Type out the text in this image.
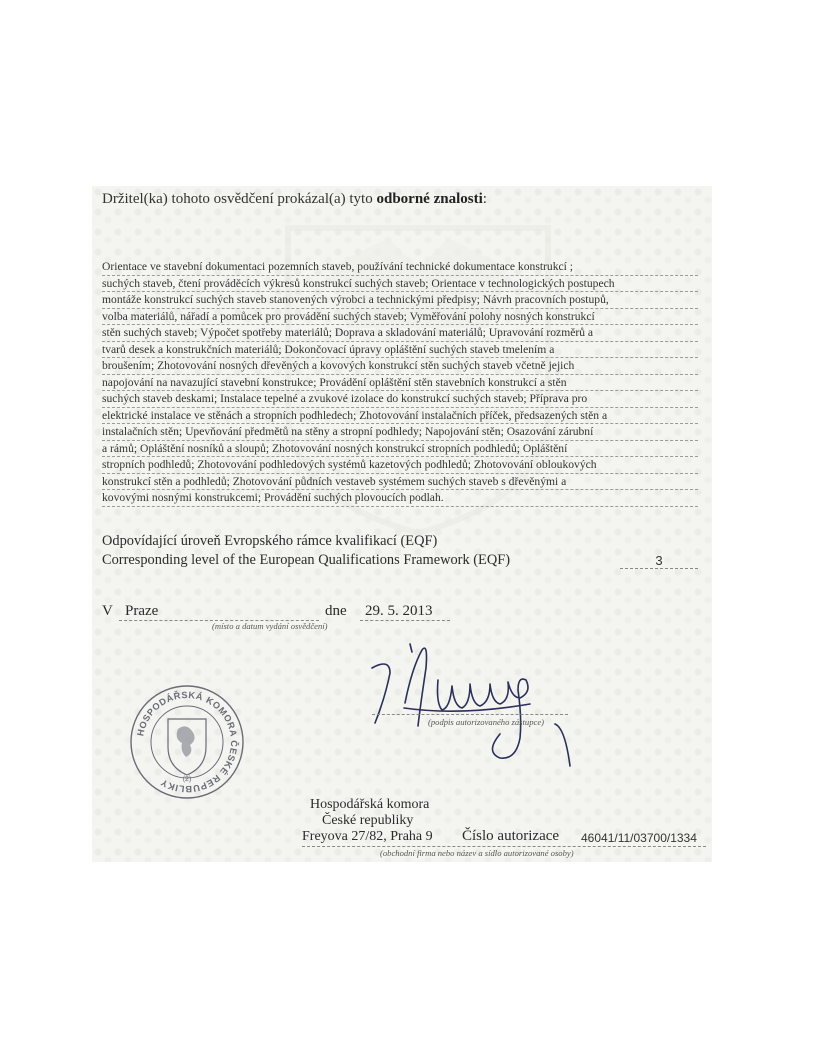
Držitel(ka) tohoto osvědčení prokázal(a) tyto odborné znalosti:
Orientace ve stavební dokumentaci pozemních staveb, používání technické dokumentace konstrukcí ;
suchých staveb, čtení prováděcích výkresů konstrukcí suchých staveb; Orientace v technologických postupech
montáže konstrukcí suchých staveb stanovených výrobci a technickými předpisy; Návrh pracovních postupů,
volba materiálů, nářadí a pomůcek pro provádění suchých staveb; Vyměřování polohy nosných konstrukcí
stěn suchých staveb; Výpočet spotřeby materiálů; Doprava a skladování materiálů; Upravování rozměrů a
tvarů desek a konstrukčních materiálů; Dokončovací úpravy opláštění suchých staveb tmelením a
broušením; Zhotovování nosných dřevěných a kovových konstrukcí stěn suchých staveb včetně jejich
napojování na navazující stavební konstrukce; Provádění opláštění stěn stavebních konstrukcí a stěn
suchých staveb deskami; Instalace tepelné a zvukové izolace do konstrukcí suchých staveb; Příprava pro
elektrické instalace ve stěnách a stropních podhledech; Zhotovování instalačních příček, předsazených stěn a
instalačních stěn; Upevňování předmětů na stěny a stropní podhledy; Napojování stěn; Osazování zárubní
a rámů; Opláštění nosníků a sloupů; Zhotovování nosných konstrukcí stropních podhledů; Opláštění
stropních podhledů; Zhotovování podhledových systémů kazetových podhledů; Zhotovování obloukových
konstrukcí stěn a podhledů; Zhotovování půdních vestaveb systémem suchých staveb s dřevěnými a
kovovými nosnými konstrukcemi; Provádění suchých plovoucích podlah.
Odpovídající úroveň Evropského rámce kvalifikací (EQF)
Corresponding level of the European Qualifications Framework (EQF)	3
V Praze	dne	29. 5. 2013
(místo a datum vydání osvědčení)
(podpis autorizovaného zástupce)
HOSPODÁŘSKÁ KOMORA ČESKÉ REPUBLIKY	(2)
Hospodářská komora
České republiky
Freyova 27/82, Praha 9 Číslo autorizace 46041/11/03700/1334
(obchodní firma nebo název a sídlo autorizované osoby)
